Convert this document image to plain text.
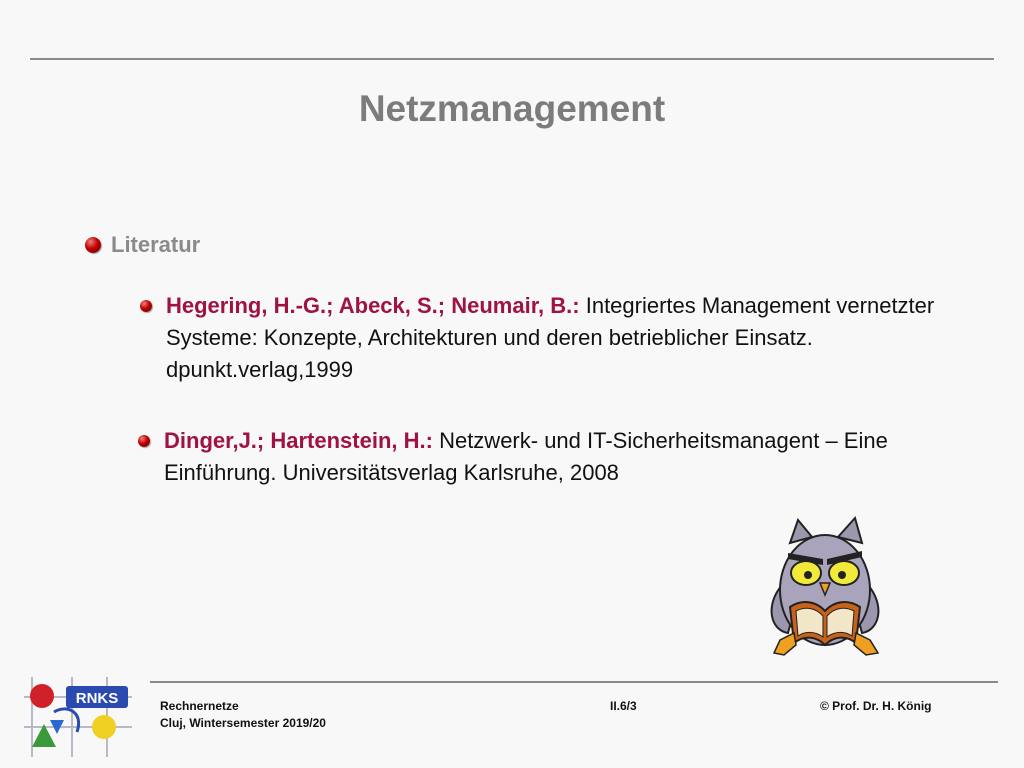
Netzmanagement
Literatur
Hegering, H.-G.; Abeck, S.; Neumair, B.: Integriertes Management vernetzter Systeme: Konzepte, Architekturen und deren betrieblicher Einsatz. dpunkt.verlag,1999
Dinger,J.; Hartenstein, H.: Netzwerk- und IT-Sicherheitsmanagent – Eine Einführung. Universitätsverlag Karlsruhe, 2008
RNKS	Rechnernetze
Cluj, Wintersemester 2019/20
II.6/3	© Prof. Dr. H. König
